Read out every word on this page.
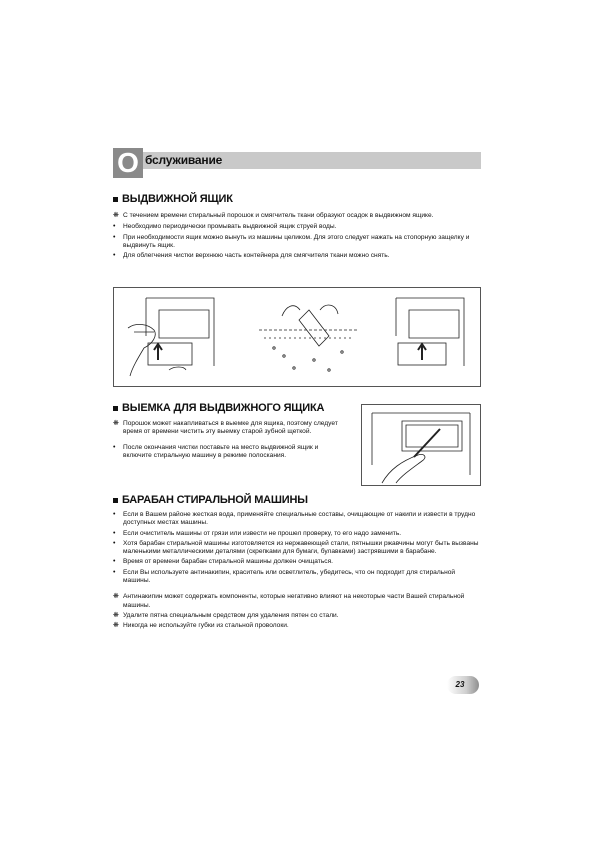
О бслуживание
ВЫДВИЖНОЙ ЯЩИК
❋ С течением времени стиральный порошок и смягчитель ткани образуют осадок в выдвижном ящике.
•	Необходимо периодически промывать выдвижной ящик струей воды.
•	При необходимости ящик можно вынуть из машины целиком. Для этого следует нажать на стопорную защелку и выдвинуть ящик.
•	Для облегчения чистки верхнюю часть контейнера для смягчителя ткани можно снять.
ВЫЕМКА ДЛЯ ВЫДВИЖНОГО ЯЩИКА
❋ Порошок может накапливаться в выемке для ящика, поэтому следует время от времени чистить эту выемку старой зубной щеткой.
•	После окончания чистки поставьте на место выдвижной ящик и включите стиральную машину в режиме полоскания.
БАРАБАН СТИРАЛЬНОЙ МАШИНЫ
•	Если в Вашем районе жесткая вода, применяйте специальные составы, очищающие от накипи и извести в трудно доступных местах машины.
•	Если очиститель машины от грязи или извести не прошел проверку, то его надо заменить.
•	Хотя барабан стиральной машины изготовляется из нержавеющей стали, пятнышки ржавчины могут быть вызваны маленькими металлическими деталями (скрепками для бумаги, булавками) застрявшими в барабане.
•	Время от времени барабан стиральной машины должен очищаться.
•	Если Вы используете антинакипин, краситель или осветлитель, убедитесь, что он подходит для стиральной машины.
❋ Антинакипин может содержать компоненты, которые негативно влияют на некоторые части Вашей стиральной машины.
❋ Удалите пятна специальным средством для удаления пятен со стали.
❋ Никогда не используйте губки из стальной проволоки.
23
